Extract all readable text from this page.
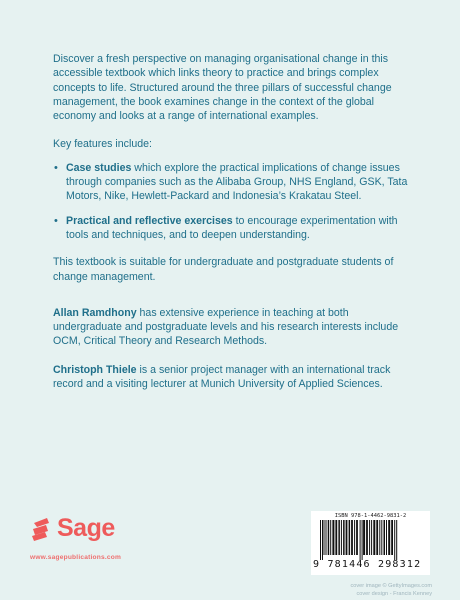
Discover a fresh perspective on managing organisational change in this accessible textbook which links theory to practice and brings complex concepts to life. Structured around the three pillars of successful change management, the book examines change in the context of the global economy and looks at a range of international examples.

Key features include:

• Case studies which explore the practical implications of change issues through companies such as the Alibaba Group, NHS England, GSK, Tata Motors, Nike, Hewlett-Packard and Indonesia’s Krakatau Steel.
• Practical and reflective exercises to encourage experimentation with tools and techniques, and to deepen understanding.

This textbook is suitable for undergraduate and postgraduate students of change management.

Allan Ramdhony has extensive experience in teaching at both undergraduate and postgraduate levels and his research interests include OCM, Critical Theory and Research Methods.

Christoph Thiele is a senior project manager with an international track record and a visiting lecturer at Munich University of Applied Sciences.

Sage
www.sagepublications.com
ISBN 978-1-4462-9831-2
9 781446 298312
cover image © GettyImages.com
cover design - Francis Kenney
